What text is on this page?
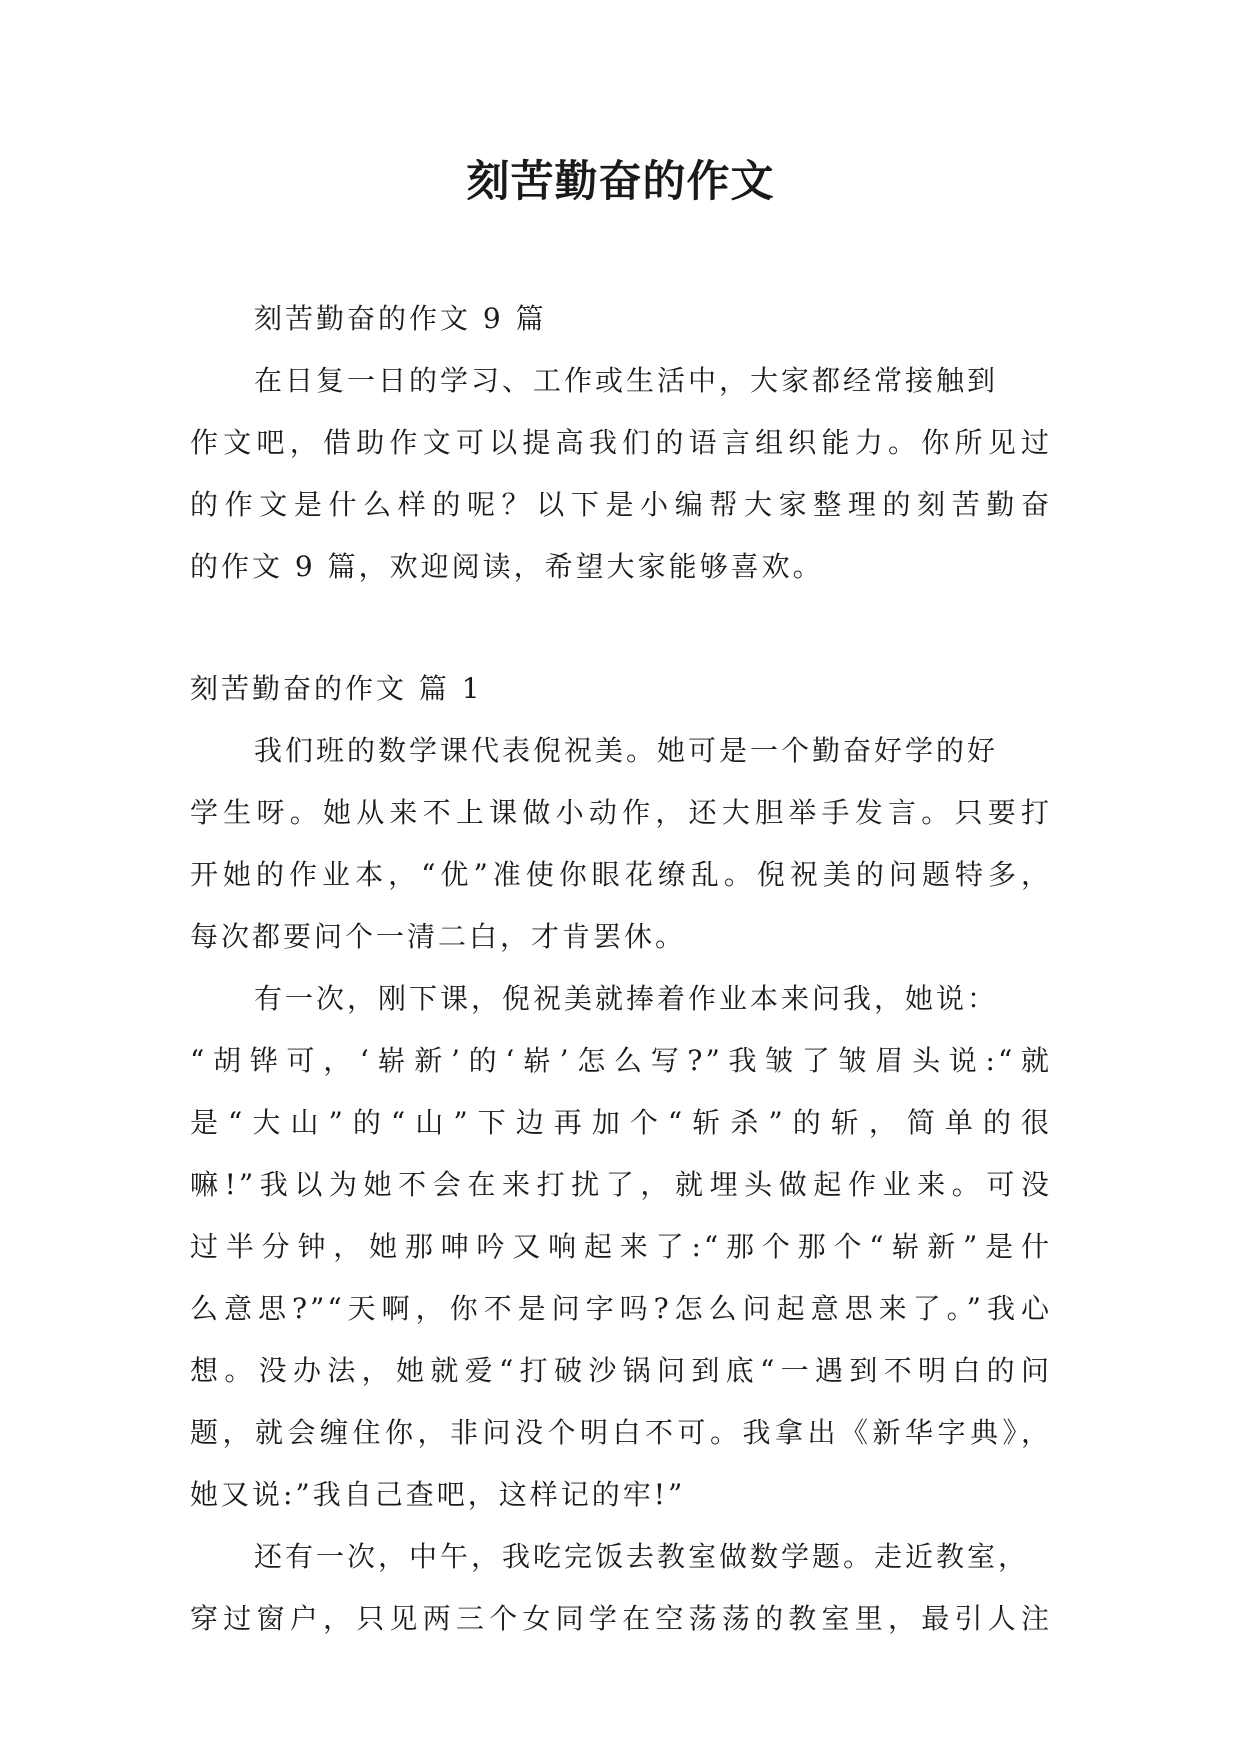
刻苦勤奋的作文
刻苦勤奋的作文 9 篇
在日复一日的学习、工作或生活中，大家都经常接触到
作文吧，借助作文可以提高我们的语言组织能力。你所见过
的作文是什么样的呢？以下是小编帮大家整理的刻苦勤奋
的作文 9 篇，欢迎阅读，希望大家能够喜欢。
刻苦勤奋的作文 篇 1
我们班的数学课代表倪祝美。她可是一个勤奋好学的好
学生呀。她从来不上课做小动作，还大胆举手发言。只要打
开她的作业本，“优”准使你眼花缭乱。倪祝美的问题特多，
每次都要问个一清二白，才肯罢休。
有一次，刚下课，倪祝美就捧着作业本来问我，她说：
“胡铧可，‘崭新’的‘崭’怎么写?”我皱了皱眉头说:“就
是“大山”的“山”下边再加个“斩杀”的斩，简单的很
嘛!”我以为她不会在来打扰了，就埋头做起作业来。可没
过半分钟，她那呻吟又响起来了:“那个那个“崭新”是什
么意思?”“天啊，你不是问字吗?怎么问起意思来了。”我心
想。没办法，她就爱“打破沙锅问到底“一遇到不明白的问
题，就会缠住你，非问没个明白不可。我拿出《新华字典》，
她又说:”我自己查吧，这样记的牢!”
还有一次，中午，我吃完饭去教室做数学题。走近教室，
穿过窗户，只见两三个女同学在空荡荡的教室里，最引人注
